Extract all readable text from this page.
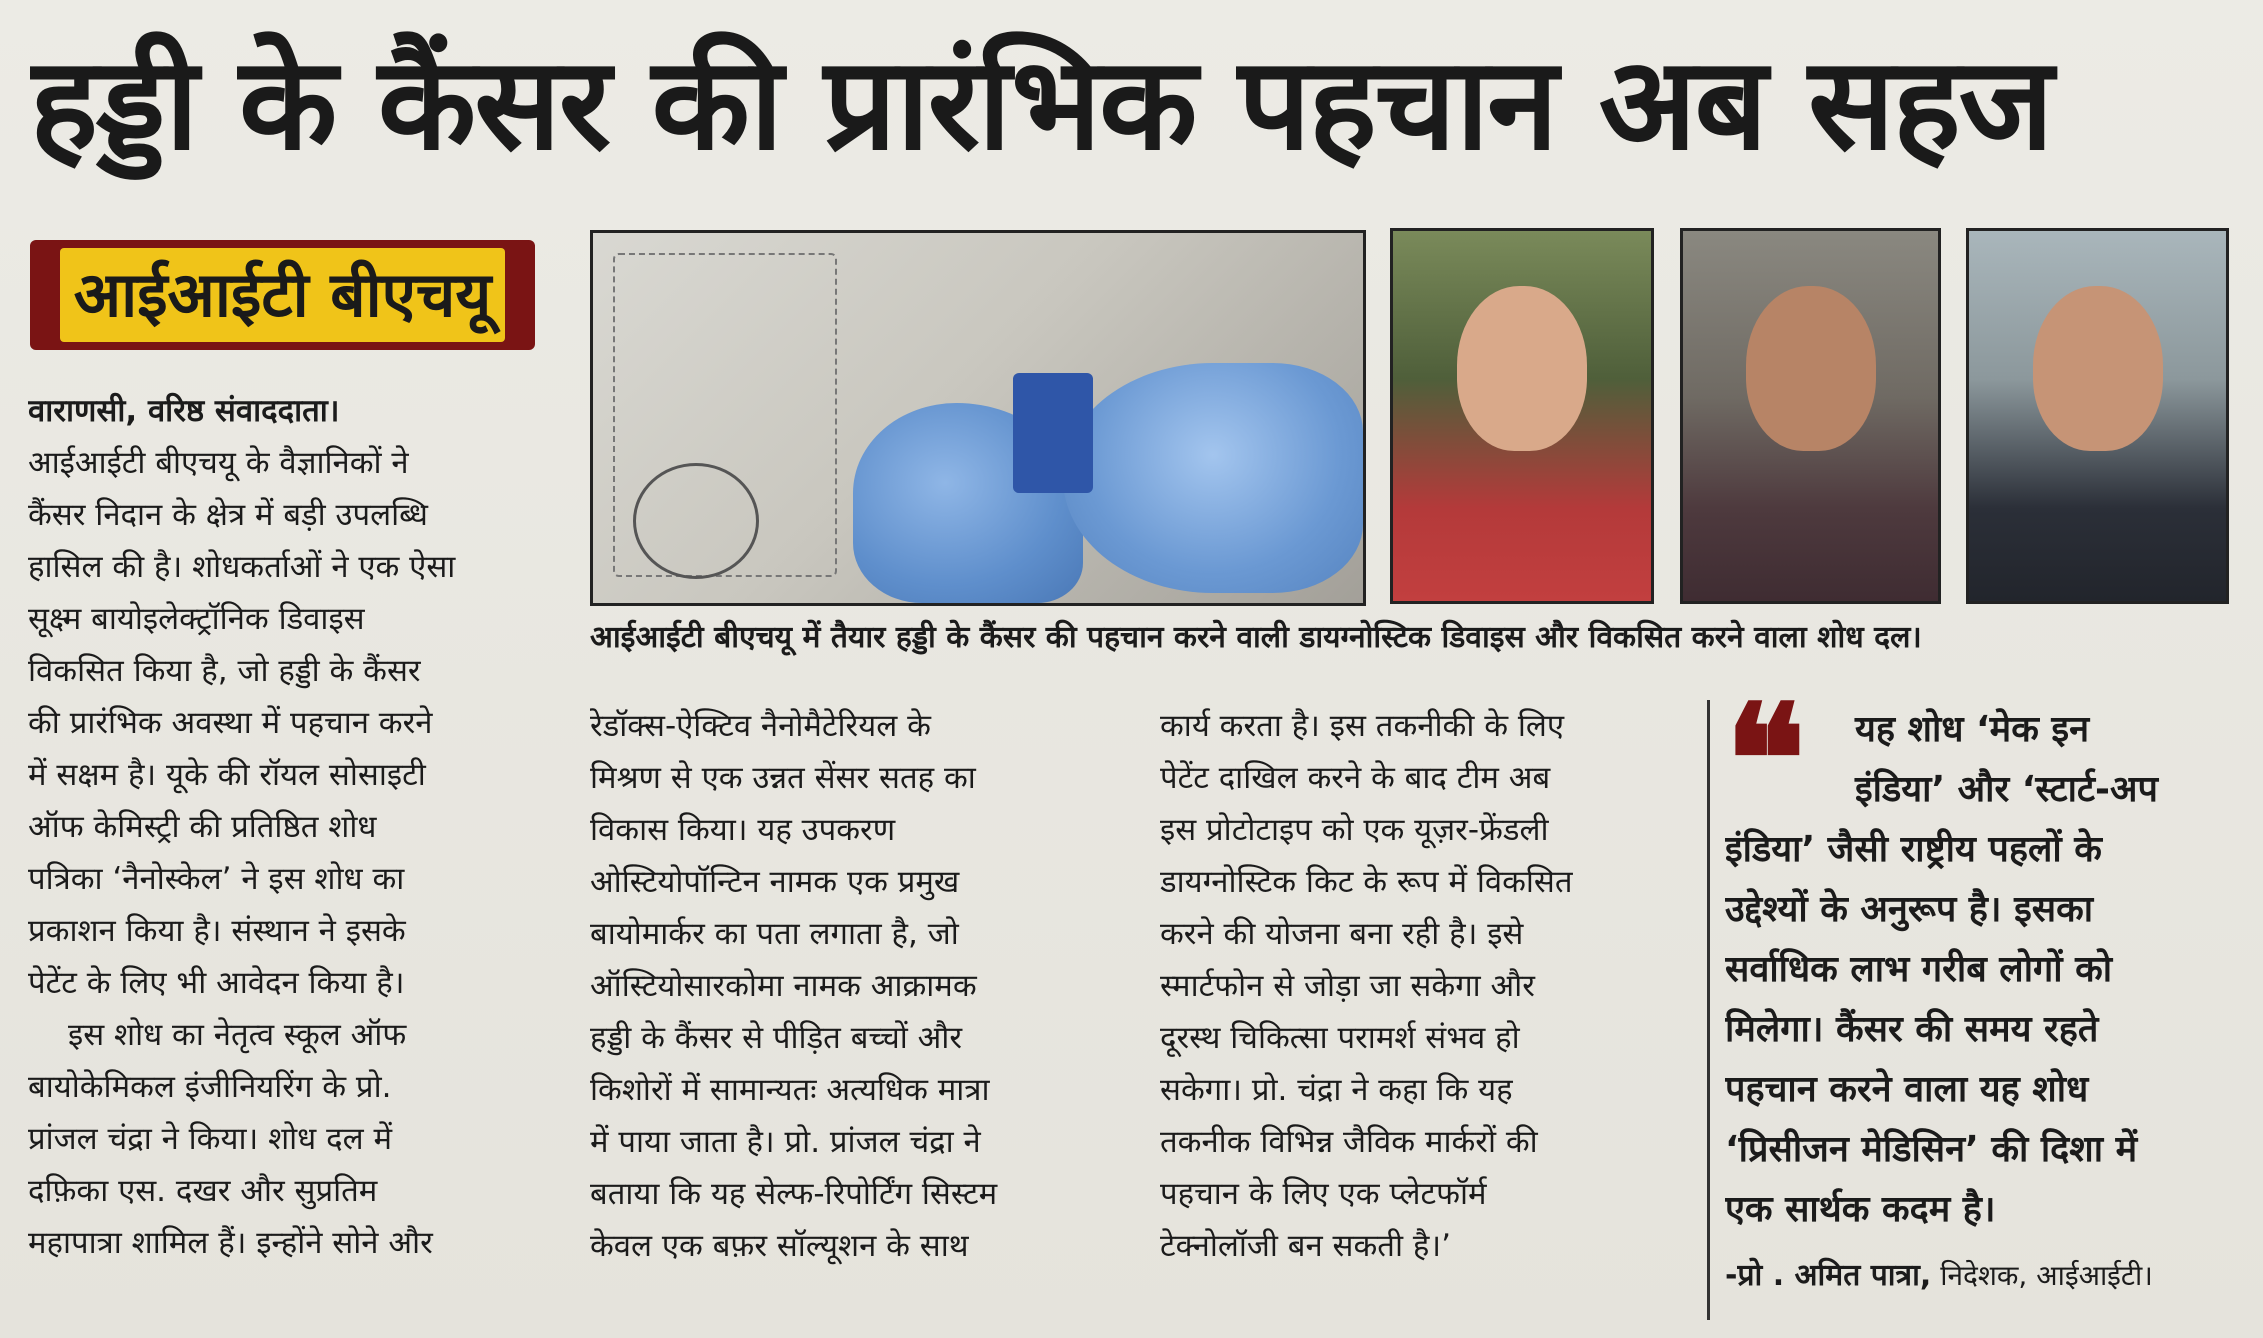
हड्डी के कैंसर की प्रारंभिक पहचान अब सहज
आईआईटी बीएचयू
आईआईटी बीएचयू में तैयार हड्डी के कैंसर की पहचान करने वाली डायग्नोस्टिक डिवाइस और विकसित करने वाला शोध दल।
वाराणसी, वरिष्ठ संवाददाता।
आईआईटी बीएचयू के वैज्ञानिकों ने
कैंसर निदान के क्षेत्र में बड़ी उपलब्धि
हासिल की है। शोधकर्ताओं ने एक ऐसा
सूक्ष्म बायोइलेक्ट्रॉनिक डिवाइस
विकसित किया है, जो हड्डी के कैंसर
की प्रारंभिक अवस्था में पहचान करने
में सक्षम है। यूके की रॉयल सोसाइटी
ऑफ केमिस्ट्री की प्रतिष्ठित शोध
पत्रिका ‘नैनोस्केल’ ने इस शोध का
प्रकाशन किया है। संस्थान ने इसके
पेटेंट के लिए भी आवेदन किया है।
इस शोध का नेतृत्व स्कूल ऑफ
बायोकेमिकल इंजीनियरिंग के प्रो.
प्रांजल चंद्रा ने किया। शोध दल में
दफ़िका एस. दखर और सुप्रतिम
महापात्रा शामिल हैं। इन्होंने सोने और
रेडॉक्स-ऐक्टिव नैनोमैटेरियल के
मिश्रण से एक उन्नत सेंसर सतह का
विकास किया। यह उपकरण
ओस्टियोपॉन्टिन नामक एक प्रमुख
बायोमार्कर का पता लगाता है, जो
ऑस्टियोसारकोमा नामक आक्रामक
हड्डी के कैंसर से पीड़ित बच्चों और
किशोरों में सामान्यतः अत्यधिक मात्रा
में पाया जाता है। प्रो. प्रांजल चंद्रा ने
बताया कि यह सेल्फ-रिपोर्टिंग सिस्टम
केवल एक बफ़र सॉल्यूशन के साथ
कार्य करता है। इस तकनीकी के लिए
पेटेंट दाखिल करने के बाद टीम अब
इस प्रोटोटाइप को एक यूज़र-फ्रेंडली
डायग्नोस्टिक किट के रूप में विकसित
करने की योजना बना रही है। इसे
स्मार्टफोन से जोड़ा जा सकेगा और
दूरस्थ चिकित्सा परामर्श संभव हो
सकेगा। प्रो. चंद्रा ने कहा कि यह
तकनीक विभिन्न जैविक मार्करों की
पहचान के लिए एक प्लेटफॉर्म
टेक्नोलॉजी बन सकती है।’
❝	यह शोध ‘मेक इन
इंडिया’ और ‘स्टार्ट-अप
इंडिया’ जैसी राष्ट्रीय पहलों के
उद्देश्यों के अनुरूप है। इसका
सर्वाधिक लाभ गरीब लोगों को
मिलेगा। कैंसर की समय रहते
पहचान करने वाला यह शोध
‘प्रिसीजन मेडिसिन’ की दिशा में
एक सार्थक कदम है।
-प्रो . अमित पात्रा, निदेशक, आईआईटी।
